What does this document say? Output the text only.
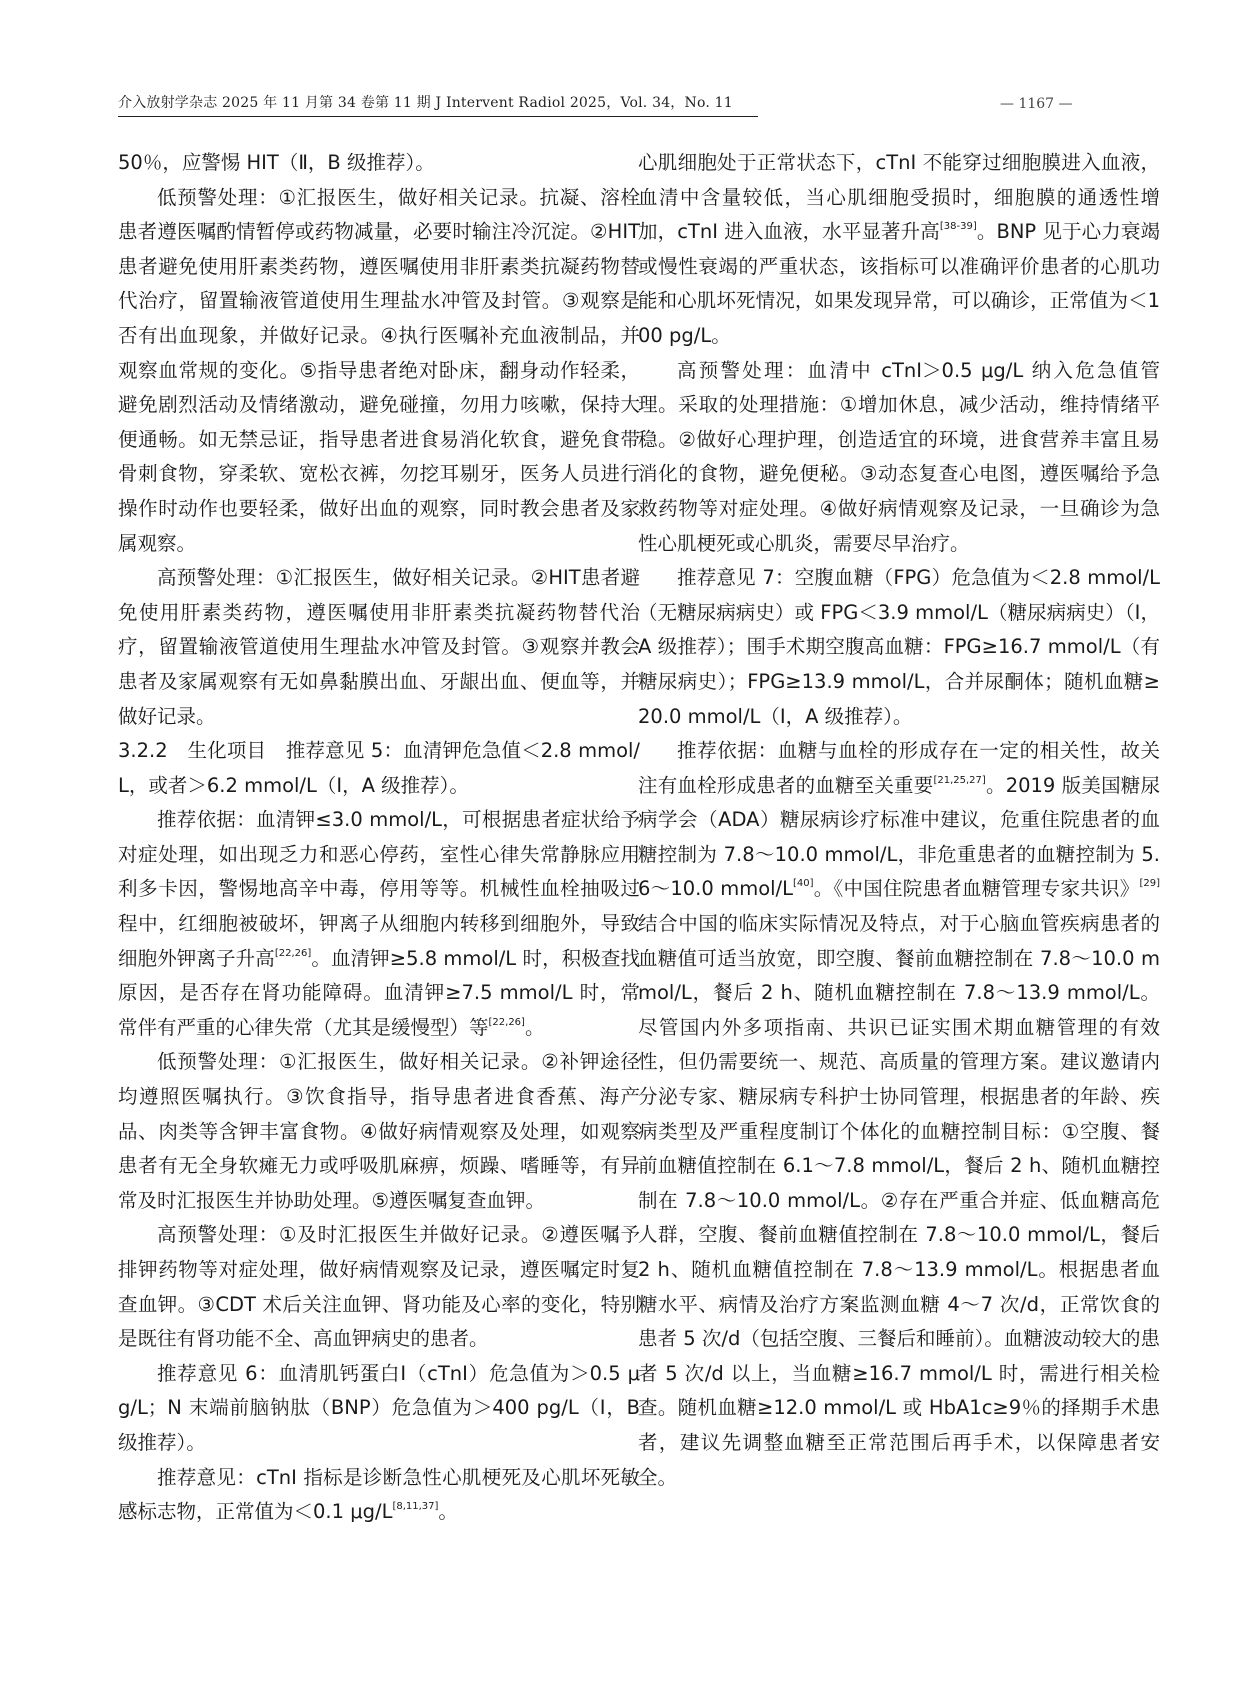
介入放射学杂志 2025 年 11 月第 34 卷第 11 期 J Intervent Radiol 2025，Vol. 34，No. 11	— 1167 —

50％，应警惕 HIT（Ⅱ，B 级推荐）。

低预警处理：①汇报医生，做好相关记录。抗凝、溶栓患者遵医嘱酌情暂停或药物减量，必要时输注冷沉淀。②HIT 患者避免使用肝素类药物，遵医嘱使用非肝素类抗凝药物替代治疗，留置输液管道使用生理盐水冲管及封管。③观察是否有出血现象，并做好记录。④执行医嘱补充血液制品，并观察血常规的变化。⑤指导患者绝对卧床，翻身动作轻柔，避免剧烈活动及情绪激动，避免碰撞，勿用力咳嗽，保持大便通畅。如无禁忌证，指导患者进食易消化软食，避免食带骨刺食物，穿柔软、宽松衣裤，勿挖耳剔牙，医务人员进行操作时动作也要轻柔，做好出血的观察，同时教会患者及家属观察。

高预警处理：①汇报医生，做好相关记录。②HIT患者避免使用肝素类药物，遵医嘱使用非肝素类抗凝药物替代治疗，留置输液管道使用生理盐水冲管及封管。③观察并教会患者及家属观察有无如鼻黏膜出血、牙龈出血、便血等，并做好记录。

3.2.2　生化项目　推荐意见 5：血清钾危急值＜2.8 mmol/L，或者＞6.2 mmol/L（Ⅰ，A 级推荐）。

推荐依据：血清钾≤3.0 mmol/L，可根据患者症状给予对症处理，如出现乏力和恶心停药，室性心律失常静脉应用利多卡因，警惕地高辛中毒，停用等等。机械性血栓抽吸过程中，红细胞被破坏，钾离子从细胞内转移到细胞外，导致细胞外钾离子升高[22,26]。血清钾≥5.8 mmol/L 时，积极查找原因，是否存在肾功能障碍。血清钾≥7.5 mmol/L 时，常常伴有严重的心律失常（尤其是缓慢型）等[22,26]。

低预警处理：①汇报医生，做好相关记录。②补钾途径均遵照医嘱执行。③饮食指导，指导患者进食香蕉、海产品、肉类等含钾丰富食物。④做好病情观察及处理，如观察患者有无全身软瘫无力或呼吸肌麻痹，烦躁、嗜睡等，有异常及时汇报医生并协助处理。⑤遵医嘱复查血钾。

高预警处理：①及时汇报医生并做好记录。②遵医嘱予排钾药物等对症处理，做好病情观察及记录，遵医嘱定时复查血钾。③CDT 术后关注血钾、肾功能及心率的变化，特别是既往有肾功能不全、高血钾病史的患者。

推荐意见 6：血清肌钙蛋白Ⅰ（cTnI）危急值为＞0.5 μg/L；N 末端前脑钠肽（BNP）危急值为＞400 pg/L（Ⅰ，B 级推荐）。

推荐意见：cTnI 指标是诊断急性心肌梗死及心肌坏死敏感标志物，正常值为＜0.1 μg/L[8,11,37]。

心肌细胞处于正常状态下，cTnI 不能穿过细胞膜进入血液，血清中含量较低，当心肌细胞受损时，细胞膜的通透性增加，cTnI 进入血液，水平显著升高[38-39]。BNP 见于心力衰竭或慢性衰竭的严重状态，该指标可以准确评价患者的心肌功能和心肌坏死情况，如果发现异常，可以确诊，正常值为＜100 pg/L。

高预警处理：血清中 cTnI＞0.5 μg/L 纳入危急值管理。采取的处理措施：①增加休息，减少活动，维持情绪平稳。②做好心理护理，创造适宜的环境，进食营养丰富且易消化的食物，避免便秘。③动态复查心电图，遵医嘱给予急救药物等对症处理。④做好病情观察及记录，一旦确诊为急性心肌梗死或心肌炎，需要尽早治疗。

推荐意见 7：空腹血糖（FPG）危急值为＜2.8 mmol/L（无糖尿病病史）或 FPG＜3.9 mmol/L（糖尿病病史）（Ⅰ，A 级推荐）；围手术期空腹高血糖：FPG≥16.7 mmol/L（有糖尿病史）；FPG≥13.9 mmol/L，合并尿酮体；随机血糖≥20.0 mmol/L（Ⅰ，A 级推荐）。

推荐依据：血糖与血栓的形成存在一定的相关性，故关注有血栓形成患者的血糖至关重要[21,25,27]。2019 版美国糖尿病学会（ADA）糖尿病诊疗标准中建议，危重住院患者的血糖控制为 7.8～10.0 mmol/L，非危重患者的血糖控制为 5.6～10.0 mmol/L[40]。《中国住院患者血糖管理专家共识》[29]结合中国的临床实际情况及特点，对于心脑血管疾病患者的血糖值可适当放宽，即空腹、餐前血糖控制在 7.8～10.0 mmol/L，餐后 2 h、随机血糖控制在 7.8～13.9 mmol/L。尽管国内外多项指南、共识已证实围术期血糖管理的有效性，但仍需要统一、规范、高质量的管理方案。建议邀请内分泌专家、糖尿病专科护士协同管理，根据患者的年龄、疾病类型及严重程度制订个体化的血糖控制目标：①空腹、餐前血糖值控制在 6.1～7.8 mmol/L，餐后 2 h、随机血糖控制在 7.8～10.0 mmol/L。②存在严重合并症、低血糖高危人群，空腹、餐前血糖值控制在 7.8～10.0 mmol/L，餐后 2 h、随机血糖值控制在 7.8～13.9 mmol/L。根据患者血糖水平、病情及治疗方案监测血糖 4～7 次/d，正常饮食的患者 5 次/d（包括空腹、三餐后和睡前）。血糖波动较大的患者 5 次/d 以上，当血糖≥16.7 mmol/L 时，需进行相关检查。随机血糖≥12.0 mmol/L 或 HbA1c≥9％的择期手术患者，建议先调整血糖至正常范围后再手术，以保障患者安全。
